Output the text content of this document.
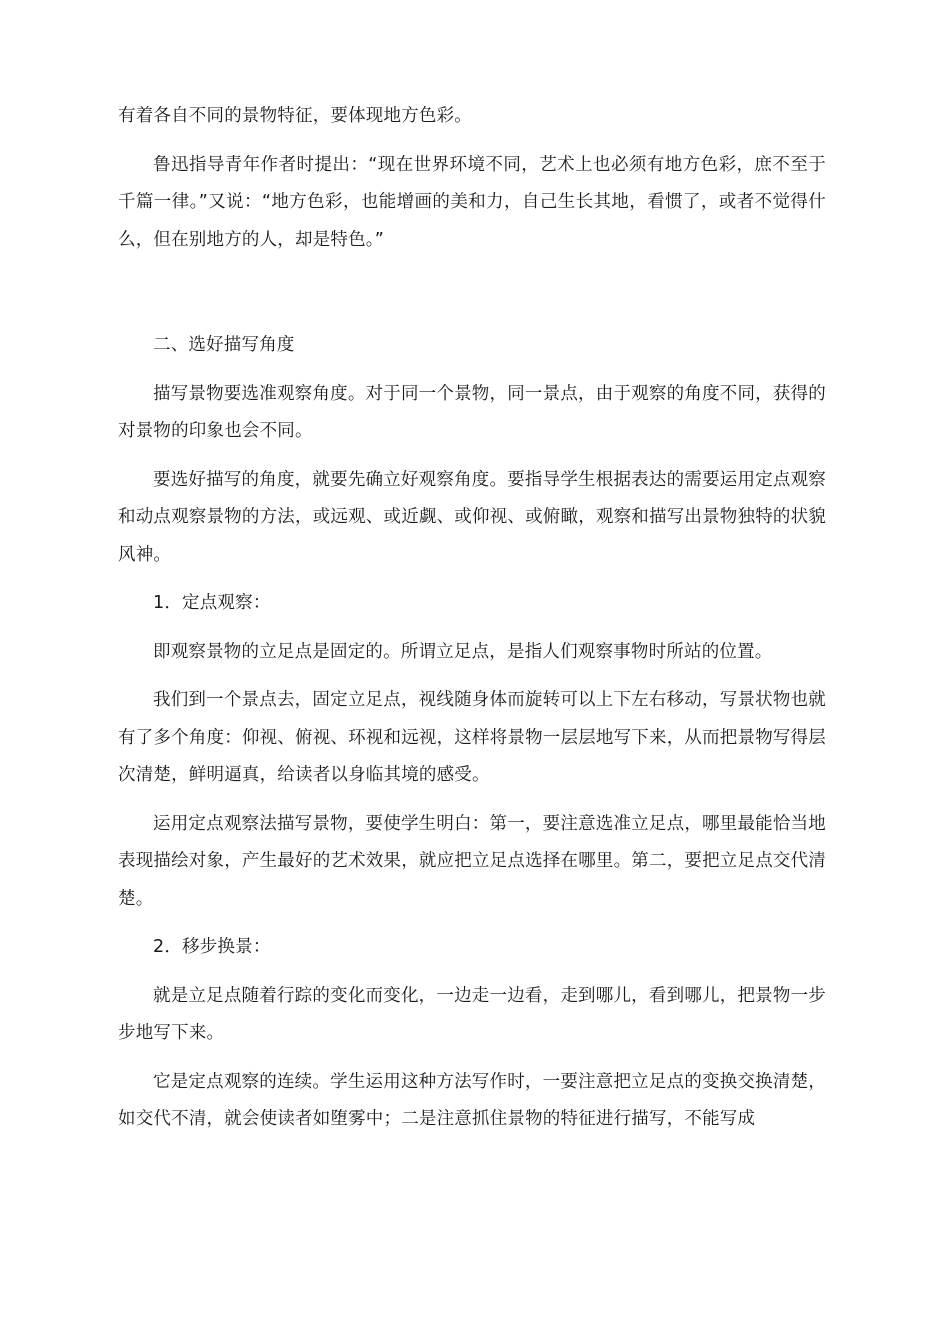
有着各自不同的景物特征，要体现地方色彩。

鲁迅指导青年作者时提出：“现在世界环境不同，艺术上也必须有地方色彩，庶不至于千篇一律。”又说：“地方色彩，也能增画的美和力，自己生长其地，看惯了，或者不觉得什么，但在别地方的人，却是特色。”

二、选好描写角度

描写景物要选准观察角度。对于同一个景物，同一景点，由于观察的角度不同，获得的对景物的印象也会不同。

要选好描写的角度，就要先确立好观察角度。要指导学生根据表达的需要运用定点观察和动点观察景物的方法，或远观、或近觑、或仰视、或俯瞰，观察和描写出景物独特的状貌风神。

1．定点观察：

即观察景物的立足点是固定的。所谓立足点，是指人们观察事物时所站的位置。

我们到一个景点去，固定立足点，视线随身体而旋转可以上下左右移动，写景状物也就有了多个角度：仰视、俯视、环视和远视，这样将景物一层层地写下来，从而把景物写得层次清楚，鲜明逼真，给读者以身临其境的感受。

运用定点观察法描写景物，要使学生明白：第一，要注意选准立足点，哪里最能恰当地表现描绘对象，产生最好的艺术效果，就应把立足点选择在哪里。第二，要把立足点交代清楚。

2．移步换景：

就是立足点随着行踪的变化而变化，一边走一边看，走到哪儿，看到哪儿，把景物一步步地写下来。

它是定点观察的连续。学生运用这种方法写作时，一要注意把立足点的变换交换清楚，如交代不清，就会使读者如堕雾中；二是注意抓住景物的特征进行描写，不能写成
